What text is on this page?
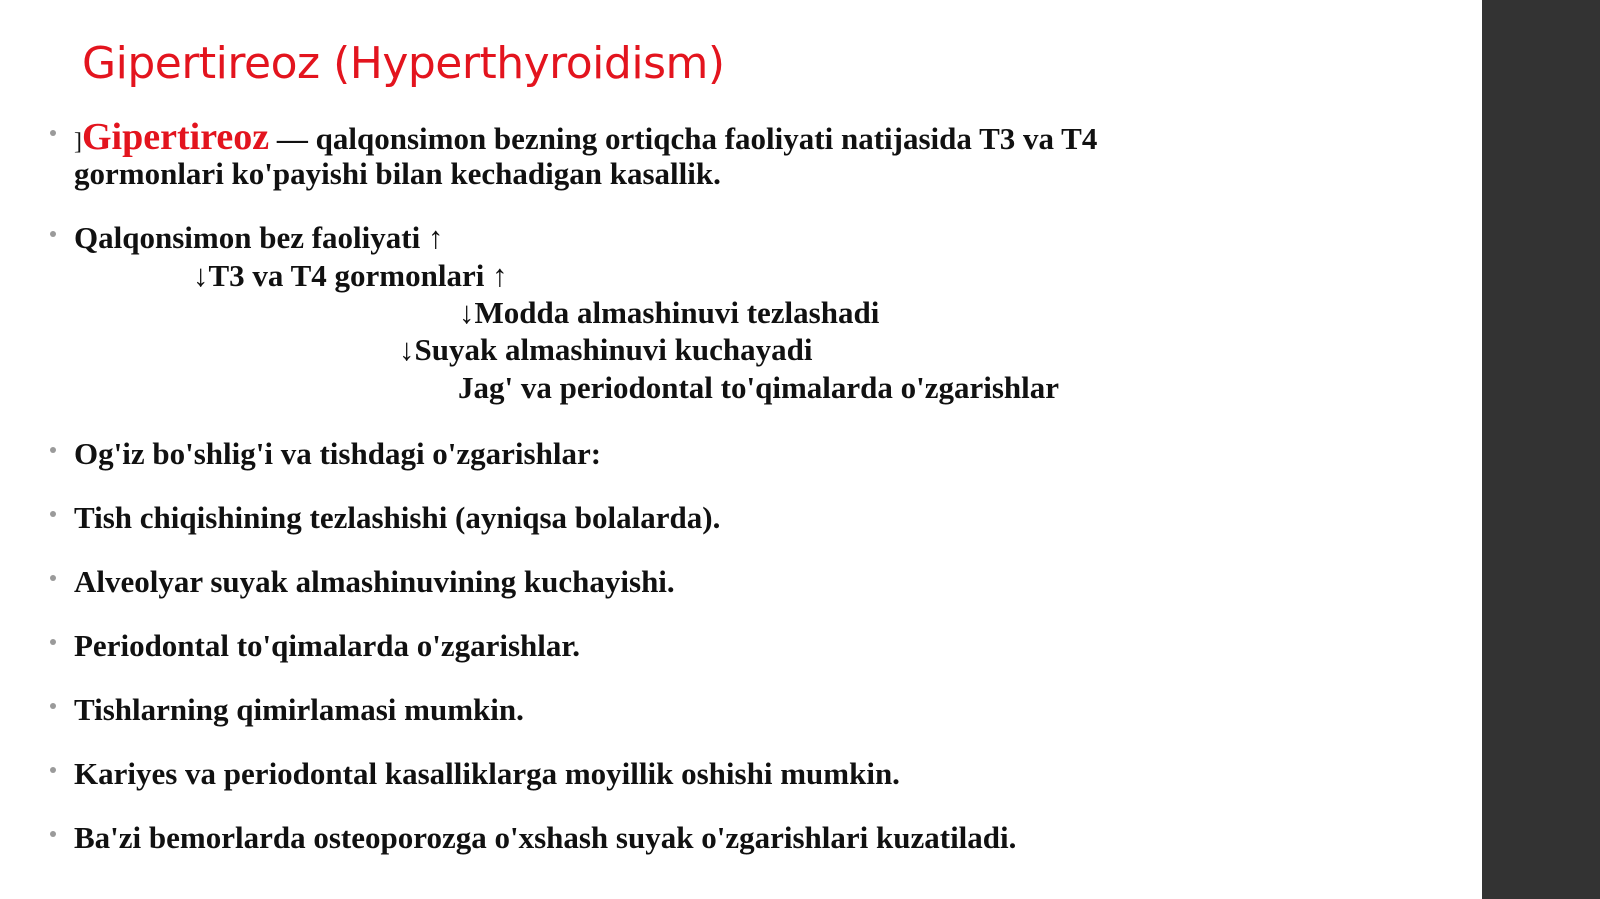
Gipertireoz (Hyperthyroidism)
]Gipertireoz — qalqonsimon bezning ortiqcha faoliyati natijasida T3 va T4
gormonlari ko'payishi bilan kechadigan kasallik.
Qalqonsimon bez faoliyati ↑
↓T3 va T4 gormonlari ↑
↓Modda almashinuvi tezlashadi
↓Suyak almashinuvi kuchayadi
Jag' va periodontal to'qimalarda o'zgarishlar
Og'iz bo'shlig'i va tishdagi o'zgarishlar:
Tish chiqishining tezlashishi (ayniqsa bolalarda).
Alveolyar suyak almashinuvining kuchayishi.
Periodontal to'qimalarda o'zgarishlar.
Tishlarning qimirlamasi mumkin.
Kariyes va periodontal kasalliklarga moyillik oshishi mumkin.
Ba'zi bemorlarda osteoporozga o'xshash suyak o'zgarishlari kuzatiladi.
